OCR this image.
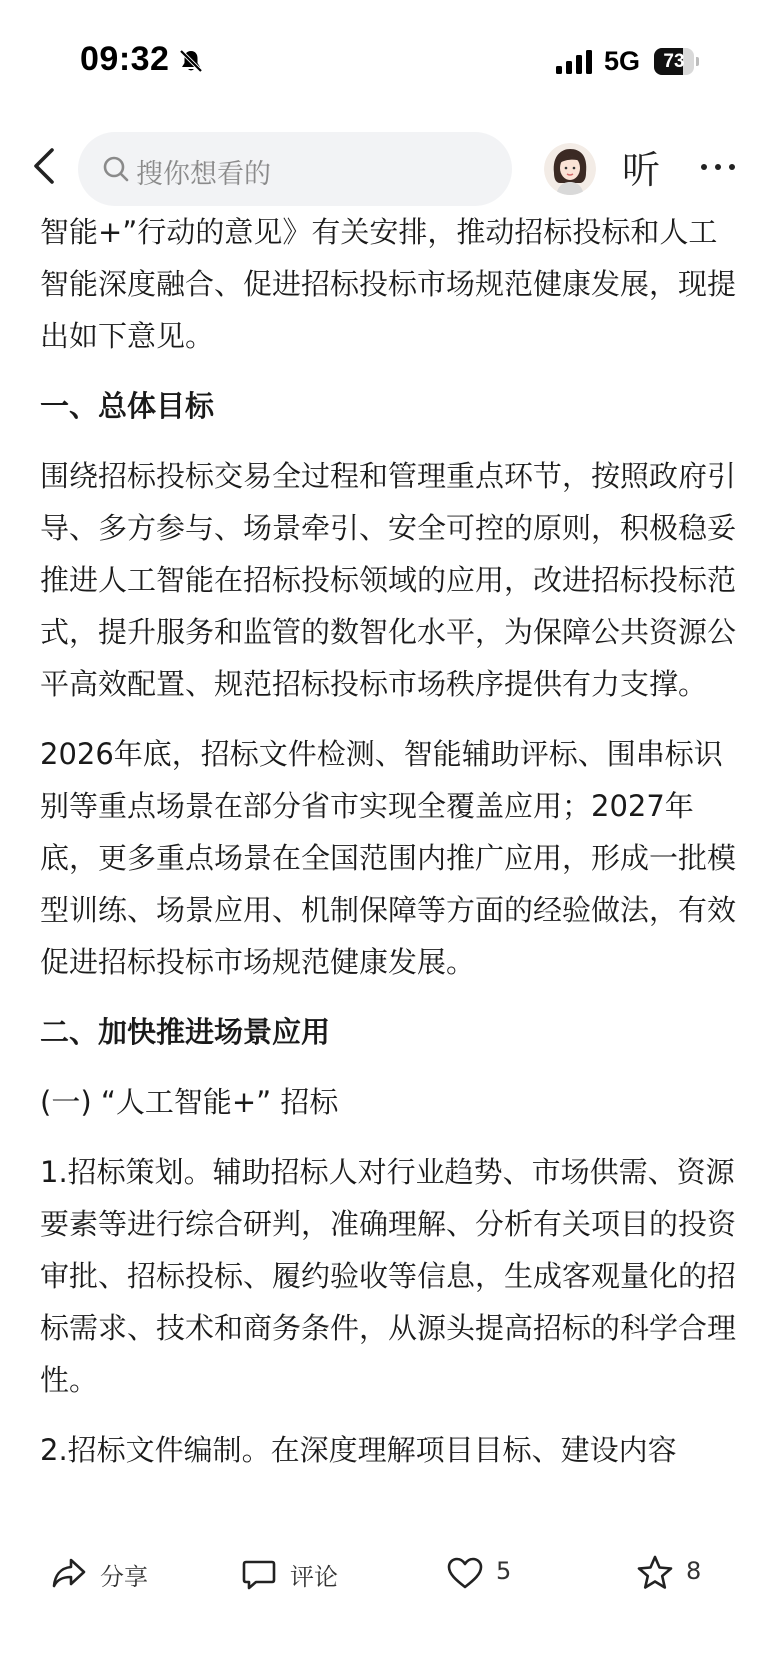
09:32	5G	73
搜你想看的	听

智能+”行动的意见》有关安排，推动招标投标和人工智能深度融合、促进招标投标市场规范健康发展，现提出如下意见。

一、总体目标

围绕招标投标交易全过程和管理重点环节，按照政府引导、多方参与、场景牵引、安全可控的原则，积极稳妥推进人工智能在招标投标领域的应用，改进招标投标范式，提升服务和监管的数智化水平，为保障公共资源公平高效配置、规范招标投标市场秩序提供有力支撑。

2026年底，招标文件检测、智能辅助评标、围串标识别等重点场景在部分省市实现全覆盖应用；2027年底，更多重点场景在全国范围内推广应用，形成一批模型训练、场景应用、机制保障等方面的经验做法，有效促进招标投标市场规范健康发展。

二、加快推进场景应用

(一) “人工智能+” 招标

1.招标策划。辅助招标人对行业趋势、市场供需、资源要素等进行综合研判，准确理解、分析有关项目的投资审批、招标投标、履约验收等信息，生成客观量化的招标需求、技术和商务条件，从源头提高招标的科学合理性。

2.招标文件编制。在深度理解项目目标、建设内容

分享	评论	5	8
